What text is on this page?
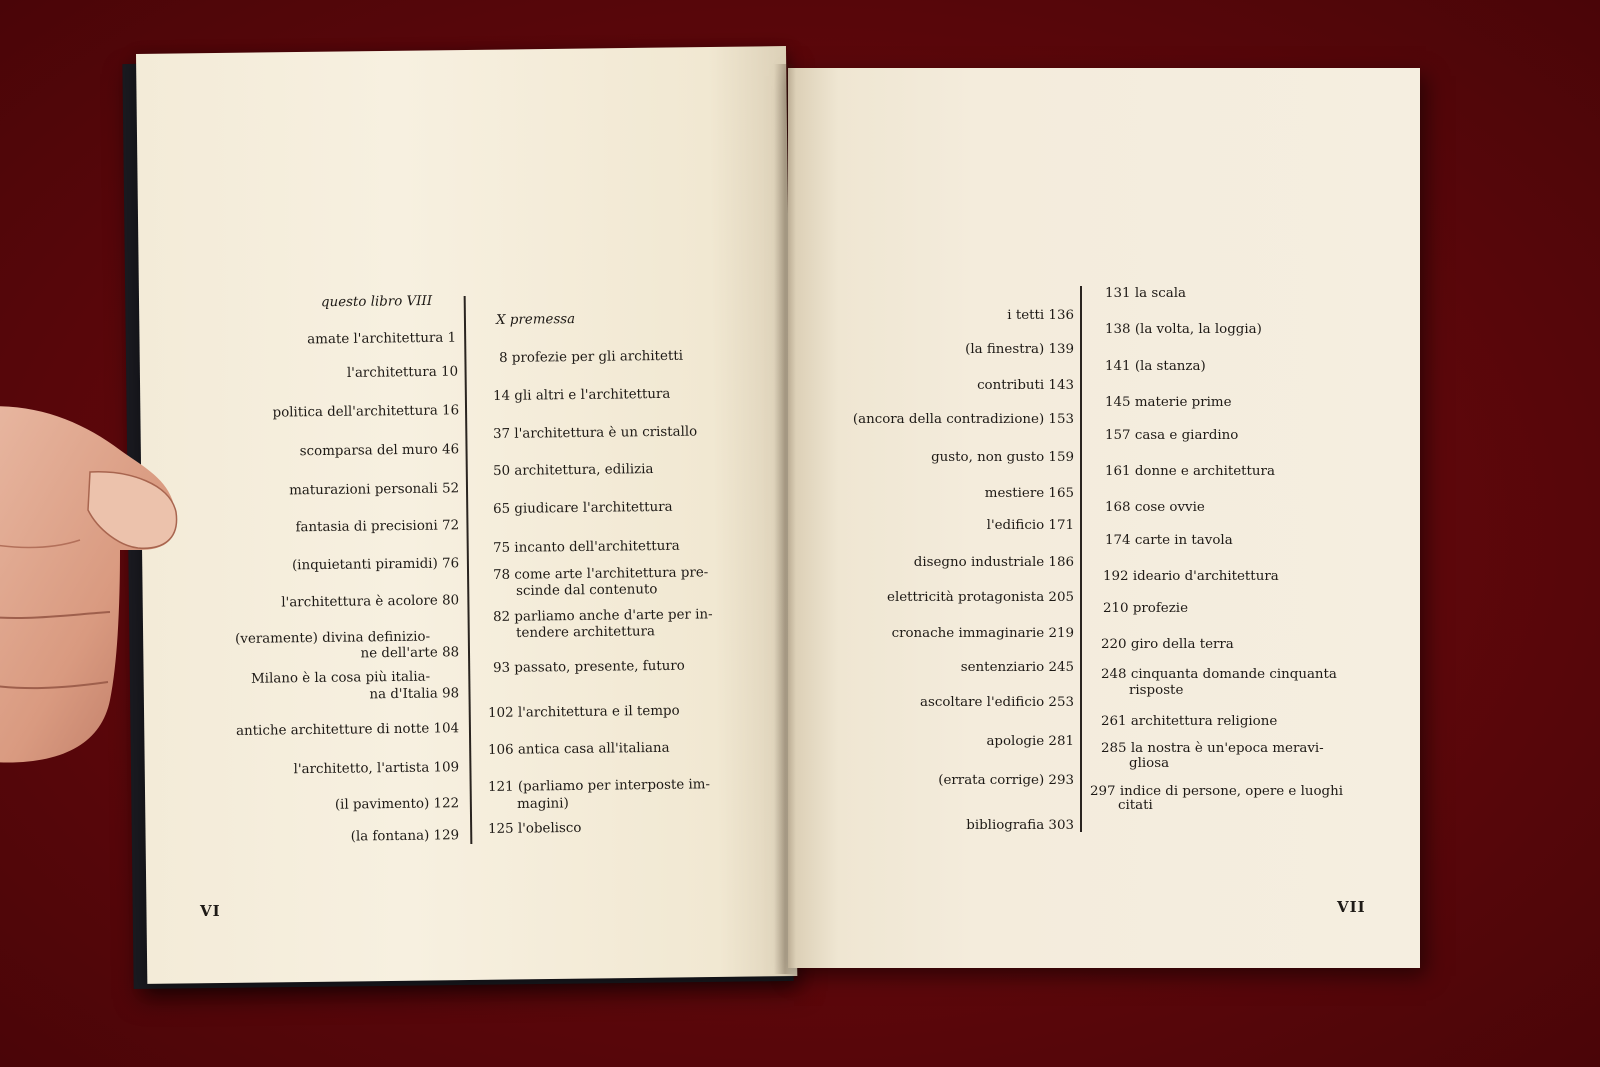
questo libro VIII
amate l'architettura 1
l'architettura 10
politica dell'architettura 16
scomparsa del muro 46
maturazioni personali 52
fantasia di precisioni 72
(inquietanti piramidi) 76
l'architettura è acolore 80
(veramente) divina definizio-
ne dell'arte 88
Milano è la cosa più italia-
na d'Italia 98
antiche architetture di notte 104
l'architetto, l'artista 109
(il pavimento) 122
(la fontana) 129
X premessa
8 profezie per gli architetti
14 gli altri e l'architettura
37 l'architettura è un cristallo
50 architettura, edilizia
65 giudicare l'architettura
75 incanto dell'architettura
78 come arte l'architettura pre-
scinde dal contenuto
82 parliamo anche d'arte per in-
tendere architettura
93 passato, presente, futuro
102 l'architettura e il tempo
106 antica casa all'italiana
121 (parliamo per interposte im-
magini)
125 l'obelisco
VI
i tetti 136
(la finestra) 139
contributi 143
(ancora della contradizione) 153
gusto, non gusto 159
mestiere 165
l'edificio 171
disegno industriale 186
elettricità protagonista 205
cronache immaginarie 219
sentenziario 245
ascoltare l'edificio 253
apologie 281
(errata corrige) 293
bibliografia 303
131 la scala
138 (la volta, la loggia)
141 (la stanza)
145 materie prime
157 casa e giardino
161 donne e architettura
168 cose ovvie
174 carte in tavola
192 ideario d'architettura
210 profezie
220 giro della terra
248 cinquanta domande cinquanta
risposte
261 architettura religione
285 la nostra è un'epoca meravi-
gliosa
297 indice di persone, opere e luoghi
citati
VII
